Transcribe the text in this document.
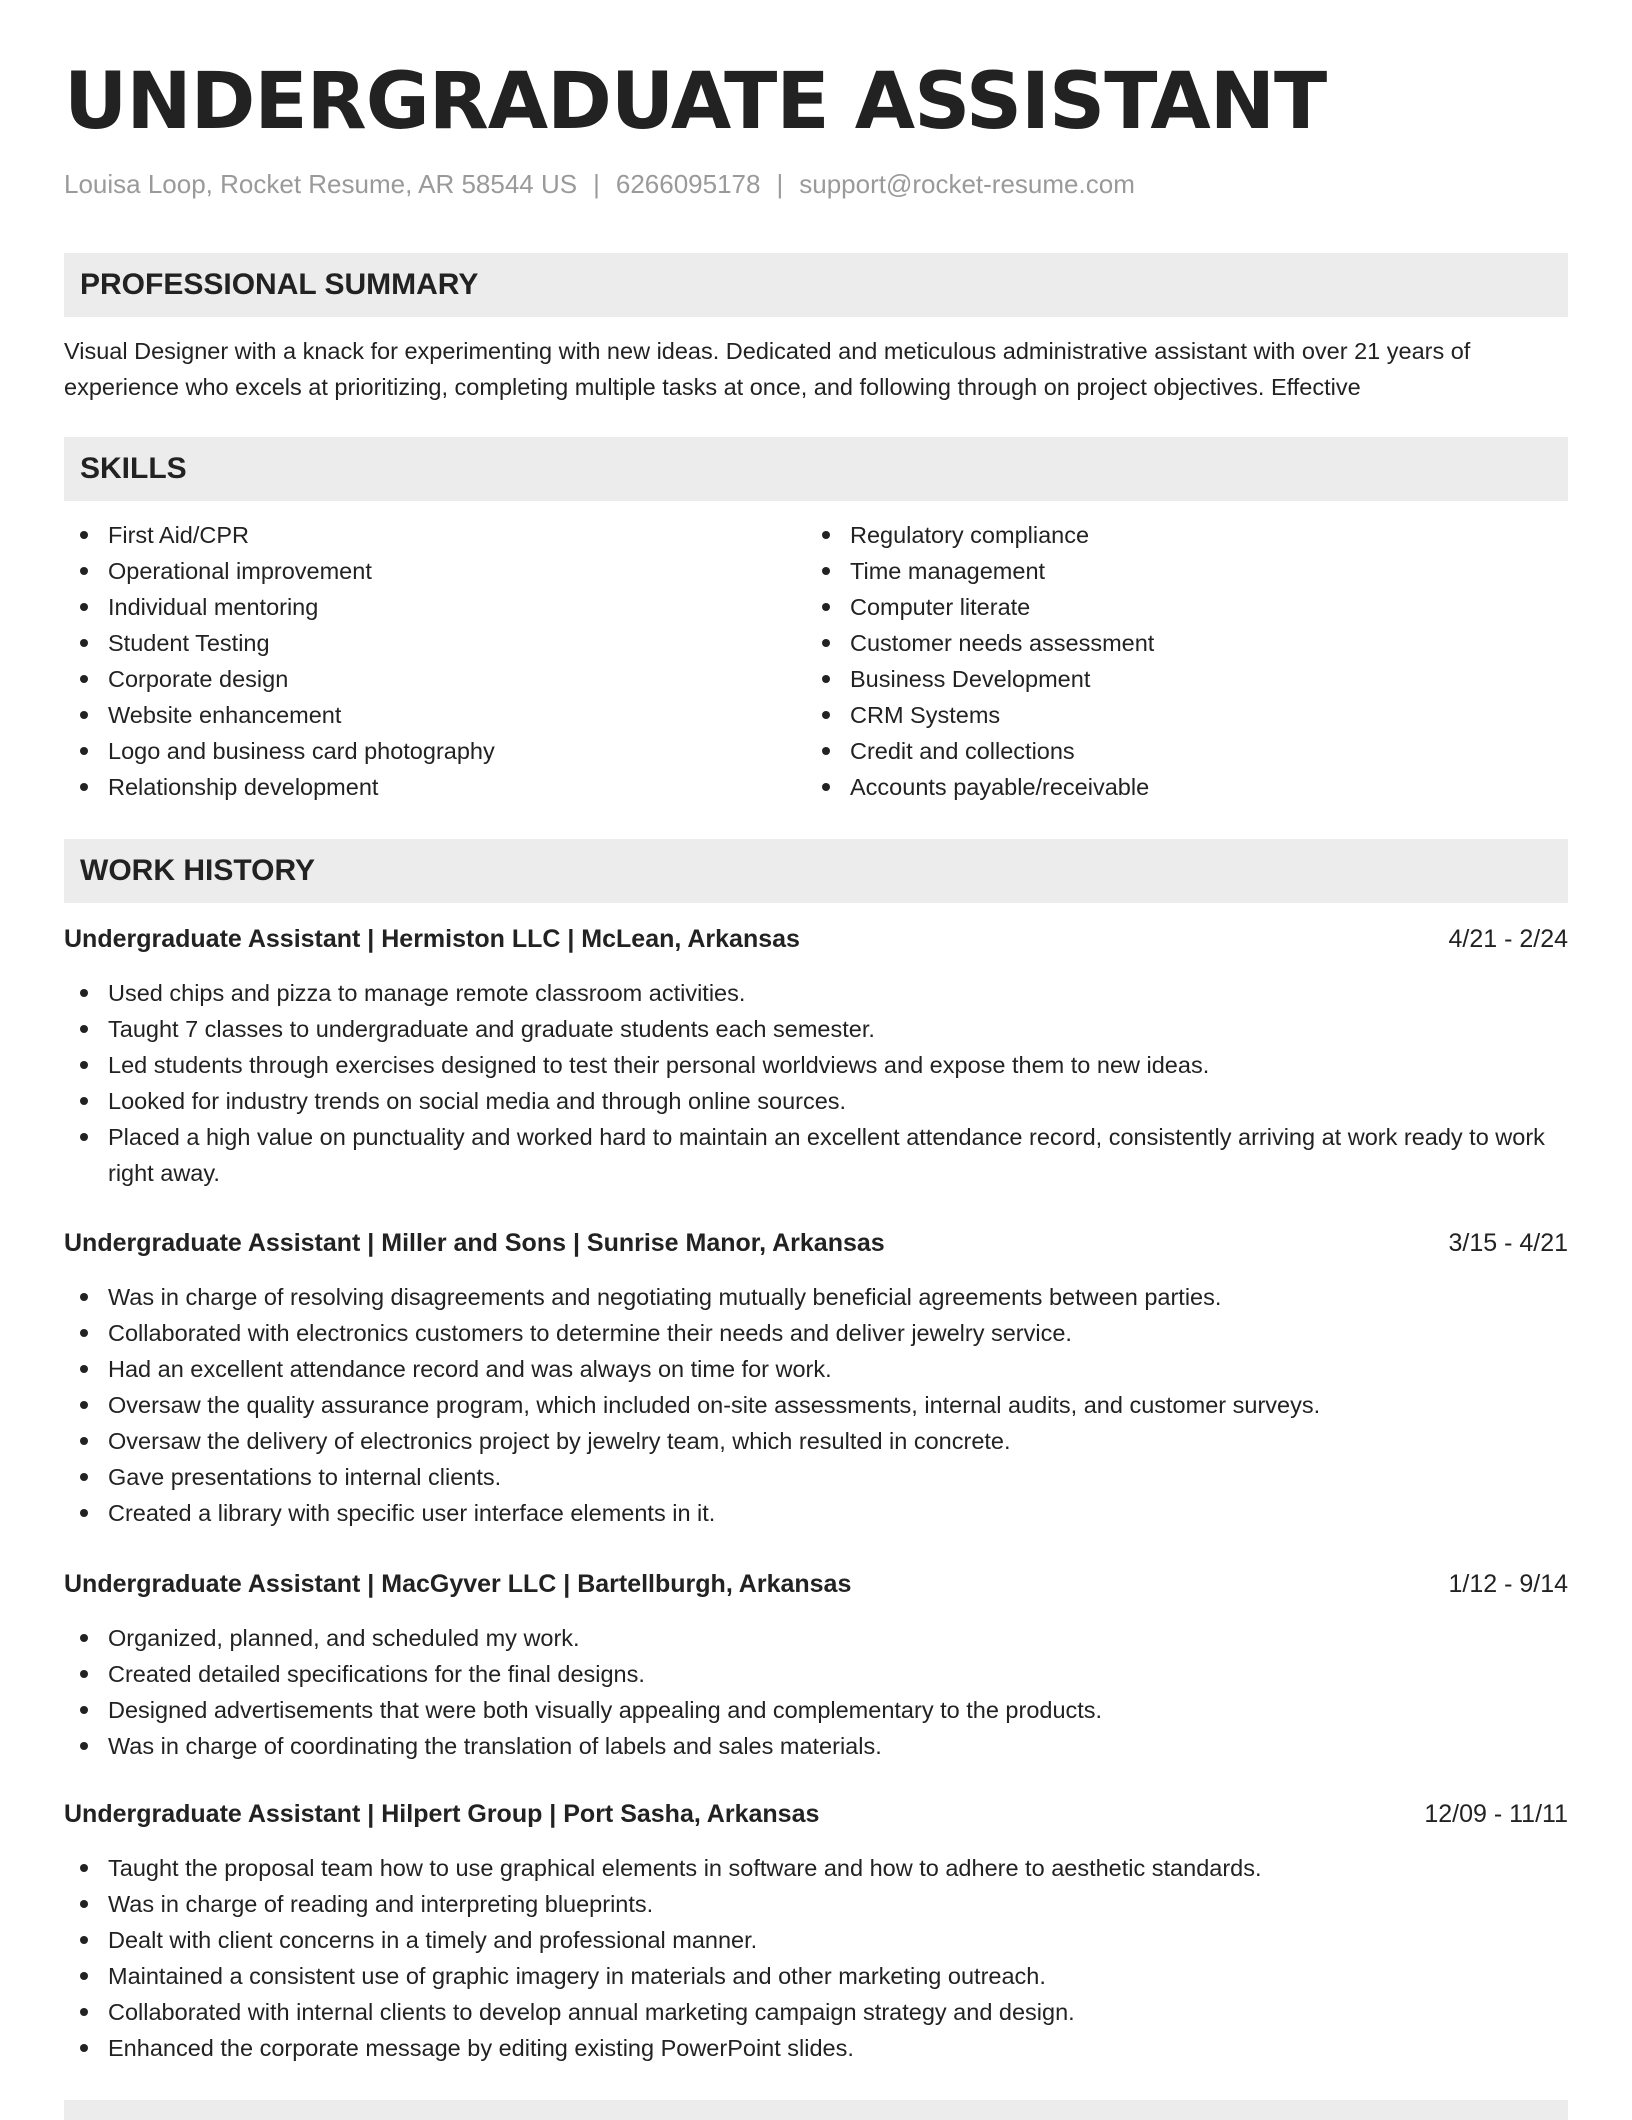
UNDERGRADUATE ASSISTANT
Louisa Loop, Rocket Resume, AR 58544 US | 6266095178 | support@rocket-resume.com
PROFESSIONAL SUMMARY

Visual Designer with a knack for experimenting with new ideas. Dedicated and meticulous administrative assistant with over 21 years of experience who excels at prioritizing, completing multiple tasks at once, and following through on project objectives. Effective

SKILLS
First Aid/CPR
Operational improvement
Individual mentoring
Student Testing
Corporate design
Website enhancement
Logo and business card photography
Relationship development
Regulatory compliance
Time management
Computer literate
Customer needs assessment
Business Development
CRM Systems
Credit and collections
Accounts payable/receivable
WORK HISTORY
Undergraduate Assistant | Hermiston LLC | McLean, Arkansas	4/21 - 2/24
Used chips and pizza to manage remote classroom activities.
Taught 7 classes to undergraduate and graduate students each semester.
Led students through exercises designed to test their personal worldviews and expose them to new ideas.
Looked for industry trends on social media and through online sources.
Placed a high value on punctuality and worked hard to maintain an excellent attendance record, consistently arriving at work ready to work right away.
Undergraduate Assistant | Miller and Sons | Sunrise Manor, Arkansas	3/15 - 4/21
Was in charge of resolving disagreements and negotiating mutually beneficial agreements between parties.
Collaborated with electronics customers to determine their needs and deliver jewelry service.
Had an excellent attendance record and was always on time for work.
Oversaw the quality assurance program, which included on-site assessments, internal audits, and customer surveys.
Oversaw the delivery of electronics project by jewelry team, which resulted in concrete.
Gave presentations to internal clients.
Created a library with specific user interface elements in it.
Undergraduate Assistant | MacGyver LLC | Bartellburgh, Arkansas	1/12 - 9/14
Organized, planned, and scheduled my work.
Created detailed specifications for the final designs.
Designed advertisements that were both visually appealing and complementary to the products.
Was in charge of coordinating the translation of labels and sales materials.
Undergraduate Assistant | Hilpert Group | Port Sasha, Arkansas	12/09 - 11/11
Taught the proposal team how to use graphical elements in software and how to adhere to aesthetic standards.
Was in charge of reading and interpreting blueprints.
Dealt with client concerns in a timely and professional manner.
Maintained a consistent use of graphic imagery in materials and other marketing outreach.
Collaborated with internal clients to develop annual marketing campaign strategy and design.
Enhanced the corporate message by editing existing PowerPoint slides.
